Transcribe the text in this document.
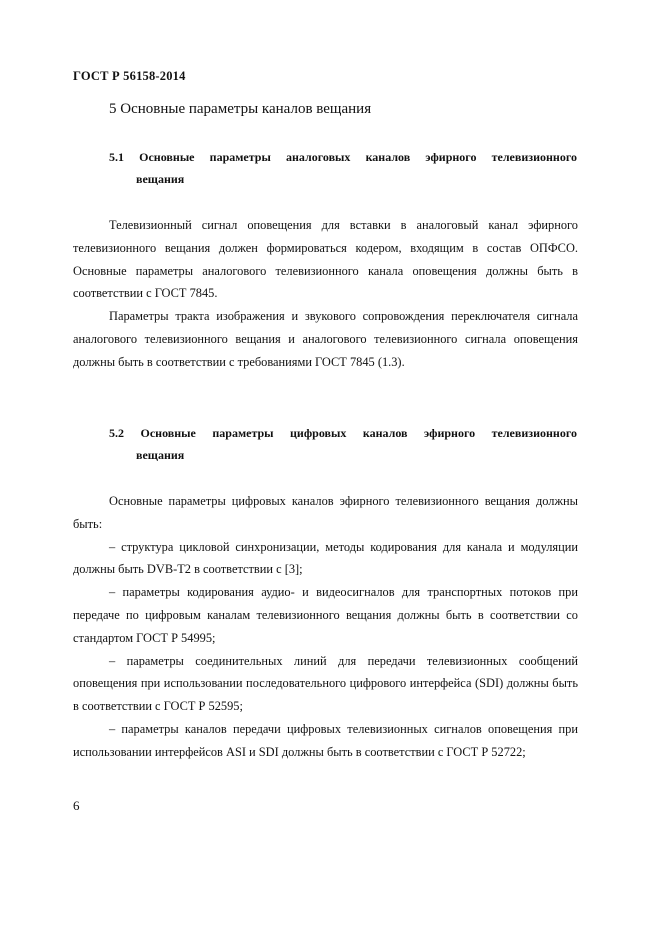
ГОСТ Р 56158-2014
5 Основные параметры каналов вещания
5.1 Основные параметры аналоговых каналов эфирного телевизионного
вещания

Телевизионный сигнал оповещения для вставки в аналоговый канал эфирного телевизионного вещания должен формироваться кодером, входящим в состав ОПФСО. Основные параметры аналогового телевизионного канала оповещения должны быть в соответствии с ГОСТ 7845.

Параметры тракта изображения и звукового сопровождения переключателя сигнала аналогового телевизионного вещания и аналогового телевизионного сигнала оповещения должны быть в соответствии с требованиями ГОСТ 7845 (1.3).

5.2 Основные параметры цифровых каналов эфирного телевизионного
вещания

Основные параметры цифровых каналов эфирного телевизионного вещания должны быть:

– структура цикловой синхронизации, методы кодирования для канала и модуляции должны быть DVB-T2 в соответствии с [3];

– параметры кодирования аудио- и видеосигналов для транспортных потоков при передаче по цифровым каналам телевизионного вещания должны быть в соответствии со стандартом ГОСТ Р 54995;

– параметры соединительных линий для передачи телевизионных сообщений оповещения при использовании последовательного цифрового интерфейса (SDI) должны быть в соответствии с ГОСТ Р 52595;

– параметры каналов передачи цифровых телевизионных сигналов оповещения при использовании интерфейсов ASI и SDI должны быть в соответствии с ГОСТ Р 52722;

6
